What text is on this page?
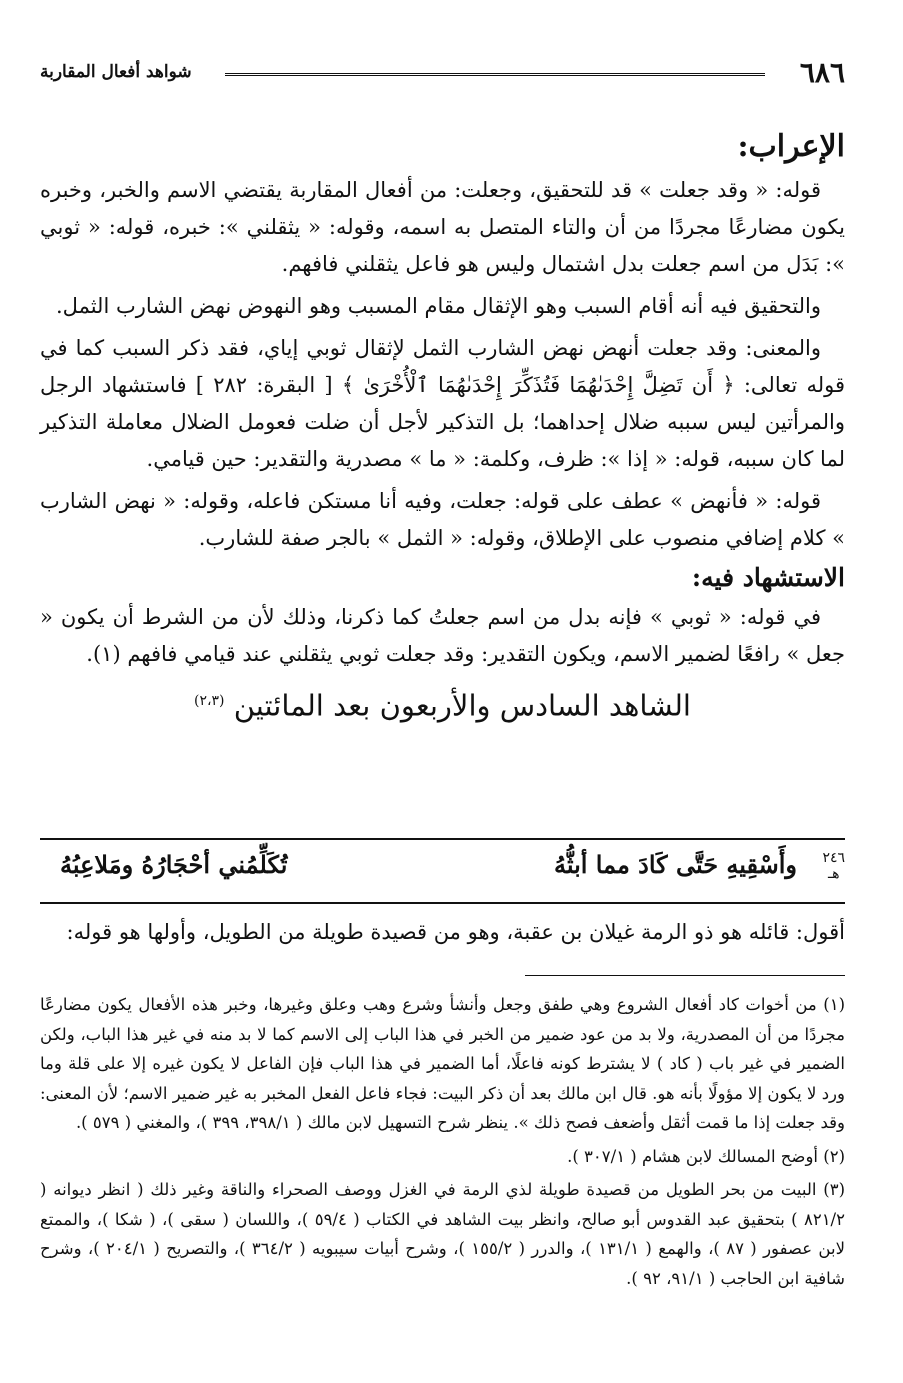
٦٨٦
شواهد أفعال المقاربة

الإعراب:

قوله: « وقد جعلت » قد للتحقيق، وجعلت: من أفعال المقاربة يقتضي الاسم والخبر، وخبره يكون مضارعًا مجردًا من أن والتاء المتصل به اسمه، وقوله: « يثقلني »: خبره، قوله: « ثوبي »: بَدَل من اسم جعلت بدل اشتمال وليس هو فاعل يثقلني فافهم.

والتحقيق فيه أنه أقام السبب وهو الإثقال مقام المسبب وهو النهوض نهض الشارب الثمل.

والمعنى: وقد جعلت أنهض نهض الشارب الثمل لإثقال ثوبي إياي، فقد ذكر السبب كما في قوله تعالى: ﴿ أَن تَضِلَّ إِحْدَىٰهُمَا فَتُذَكِّرَ إِحْدَىٰهُمَا ٱلْأُخْرَىٰ ﴾ [ البقرة: ٢٨٢ ] فاستشهاد الرجل والمرأتين ليس سببه ضلال إحداهما؛ بل التذكير لأجل أن ضلت فعومل الضلال معاملة التذكير لما كان سببه، قوله: « إذا »: ظرف، وكلمة: « ما » مصدرية والتقدير: حين قيامي.

قوله: « فأنهض » عطف على قوله: جعلت، وفيه أنا مستكن فاعله، وقوله: « نهض الشارب » كلام إضافي منصوب على الإطلاق، وقوله: « الثمل » بالجر صفة للشارب.

الاستشهاد فيه:

في قوله: « ثوبي » فإنه بدل من اسم جعلتُ كما ذكرنا، وذلك لأن من الشرط أن يكون « جعل » رافعًا لضمير الاسم، ويكون التقدير: وقد جعلت ثوبي يثقلني عند قيامي فافهم (١).

الشاهد السادس والأربعون بعد المائتين $^{(٢،٣)}$

٢٤٦
هـ
وأَسْقِيهِ حَتَّى كَادَ مما أبثُّهُ
تُكَلِّمُني أحْجَارُهُ ومَلاعِبُهُ
أقول: قائله هو ذو الرمة غيلان بن عقبة، وهو من قصيدة طويلة من الطويل، وأولها هو قوله:

(١) من أخوات كاد أفعال الشروع وهي طفق وجعل وأنشأ وشرع وهب وعلق وغيرها، وخبر هذه الأفعال يكون مضارعًا مجردًا من أن المصدرية، ولا بد من عود ضمير من الخبر في هذا الباب إلى الاسم كما لا بد منه في غير هذا الباب، ولكن الضمير في غير باب ( كاد ) لا يشترط كونه فاعلًا، أما الضمير في هذا الباب فإن الفاعل لا يكون غيره إلا على قلة وما ورد لا يكون إلا مؤولًا بأنه هو. قال ابن مالك بعد أن ذكر البيت: فجاء فاعل الفعل المخبر به غير ضمير الاسم؛ لأن المعنى: وقد جعلت إذا ما قمت أثقل وأضعف فصح ذلك ». ينظر شرح التسهيل لابن مالك ( ٣٩٨/١، ٣٩٩ )، والمغني ( ٥٧٩ ).

(٢) أوضح المسالك لابن هشام ( ٣٠٧/١ ).

(٣) البيت من بحر الطويل من قصيدة طويلة لذي الرمة في الغزل ووصف الصحراء والناقة وغير ذلك ( انظر ديوانه ( ٨٢١/٢ ) بتحقيق عبد القدوس أبو صالح، وانظر بيت الشاهد في الكتاب ( ٥٩/٤ )، واللسان ( سقى )، ( شكا )، والممتع لابن عصفور ( ٨٧ )، والهمع ( ١٣١/١ )، والدرر ( ١٥٥/٢ )، وشرح أبيات سيبويه ( ٣٦٤/٢ )، والتصريح ( ٢٠٤/١ )، وشرح شافية ابن الحاجب ( ٩١/١، ٩٢ ).
